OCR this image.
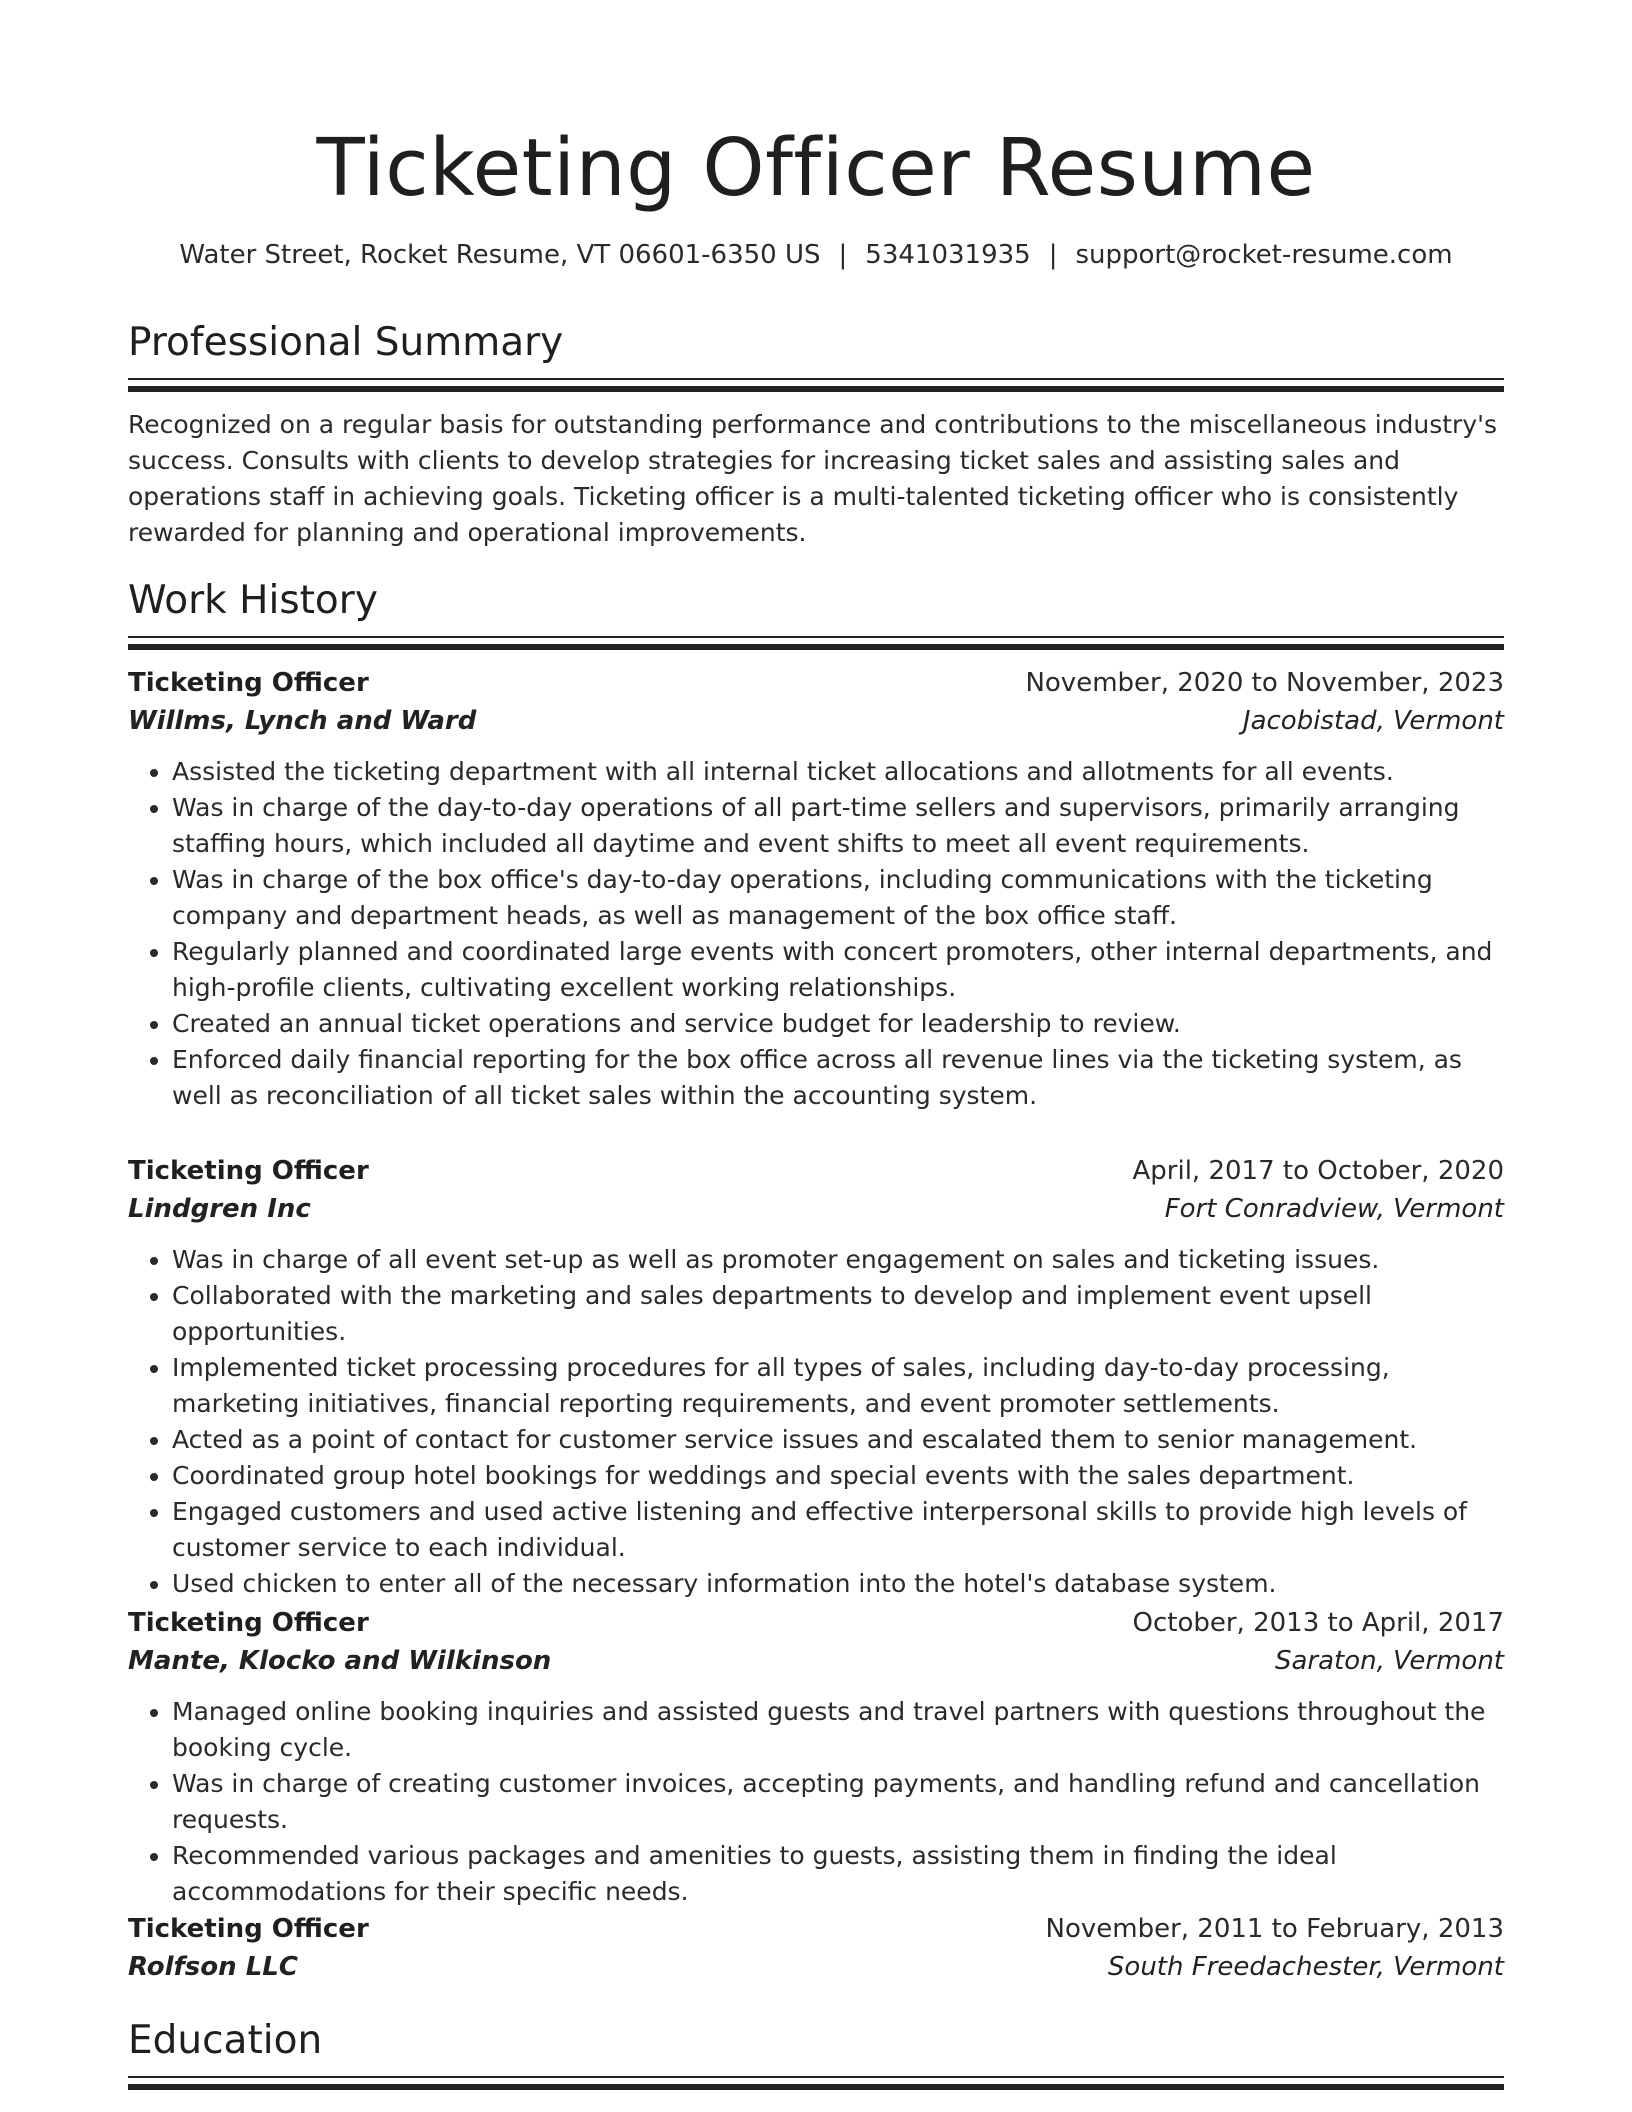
Ticketing Officer Resume
Water Street, Rocket Resume, VT 06601-6350 US | 5341031935 | support@rocket-resume.com
Professional Summary

Recognized on a regular basis for outstanding performance and contributions to the miscellaneous industry's success. Consults with clients to develop strategies for increasing ticket sales and assisting sales and operations staff in achieving goals. Ticketing officer is a multi-talented ticketing officer who is consistently rewarded for planning and operational improvements.

Work History
Ticketing Officer	November, 2020 to November, 2023
Willms, Lynch and Ward	Jacobistad, Vermont
• Assisted the ticketing department with all internal ticket allocations and allotments for all events.
• Was in charge of the day-to-day operations of all part-time sellers and supervisors, primarily arranging staffing hours, which included all daytime and event shifts to meet all event requirements.
• Was in charge of the box office's day-to-day operations, including communications with the ticketing company and department heads, as well as management of the box office staff.
• Regularly planned and coordinated large events with concert promoters, other internal departments, and high-profile clients, cultivating excellent working relationships.
• Created an annual ticket operations and service budget for leadership to review.
• Enforced daily financial reporting for the box office across all revenue lines via the ticketing system, as well as reconciliation of all ticket sales within the accounting system.
Ticketing Officer	April, 2017 to October, 2020
Lindgren Inc	Fort Conradview, Vermont
• Was in charge of all event set-up as well as promoter engagement on sales and ticketing issues.
• Collaborated with the marketing and sales departments to develop and implement event upsell opportunities.
• Implemented ticket processing procedures for all types of sales, including day-to-day processing, marketing initiatives, financial reporting requirements, and event promoter settlements.
• Acted as a point of contact for customer service issues and escalated them to senior management.
• Coordinated group hotel bookings for weddings and special events with the sales department.
• Engaged customers and used active listening and effective interpersonal skills to provide high levels of customer service to each individual.
• Used chicken to enter all of the necessary information into the hotel's database system.
Ticketing Officer	October, 2013 to April, 2017
Mante, Klocko and Wilkinson	Saraton, Vermont
• Managed online booking inquiries and assisted guests and travel partners with questions throughout the booking cycle.
• Was in charge of creating customer invoices, accepting payments, and handling refund and cancellation requests.
• Recommended various packages and amenities to guests, assisting them in finding the ideal accommodations for their specific needs.
Ticketing Officer	November, 2011 to February, 2013
Rolfson LLC	South Freedachester, Vermont
Education
